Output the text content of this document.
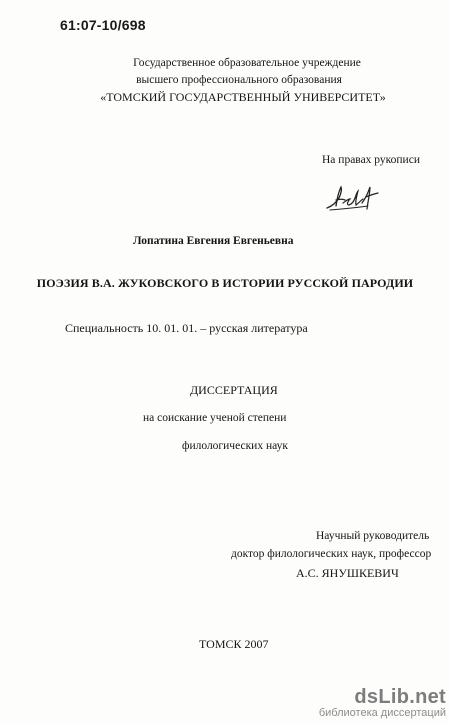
61:07-10/698
Государственное образовательное учреждение
высшего профессионального образования
«ТОМСКИЙ ГОСУДАРСТВЕННЫЙ УНИВЕРСИТЕТ»
На правах рукописи
Лопатина Евгения Евгеньевна
ПОЭЗИЯ В.А. ЖУКОВСКОГО В ИСТОРИИ РУССКОЙ ПАРОДИИ
Специальность 10. 01. 01. – русская литература
ДИССЕРТАЦИЯ
на соискание ученой степени
филологических наук
Научный руководитель
доктор филологических наук, профессор
А.С. ЯНУШКЕВИЧ
ТОМСК 2007
dsLib.net
библиотека диссертаций
